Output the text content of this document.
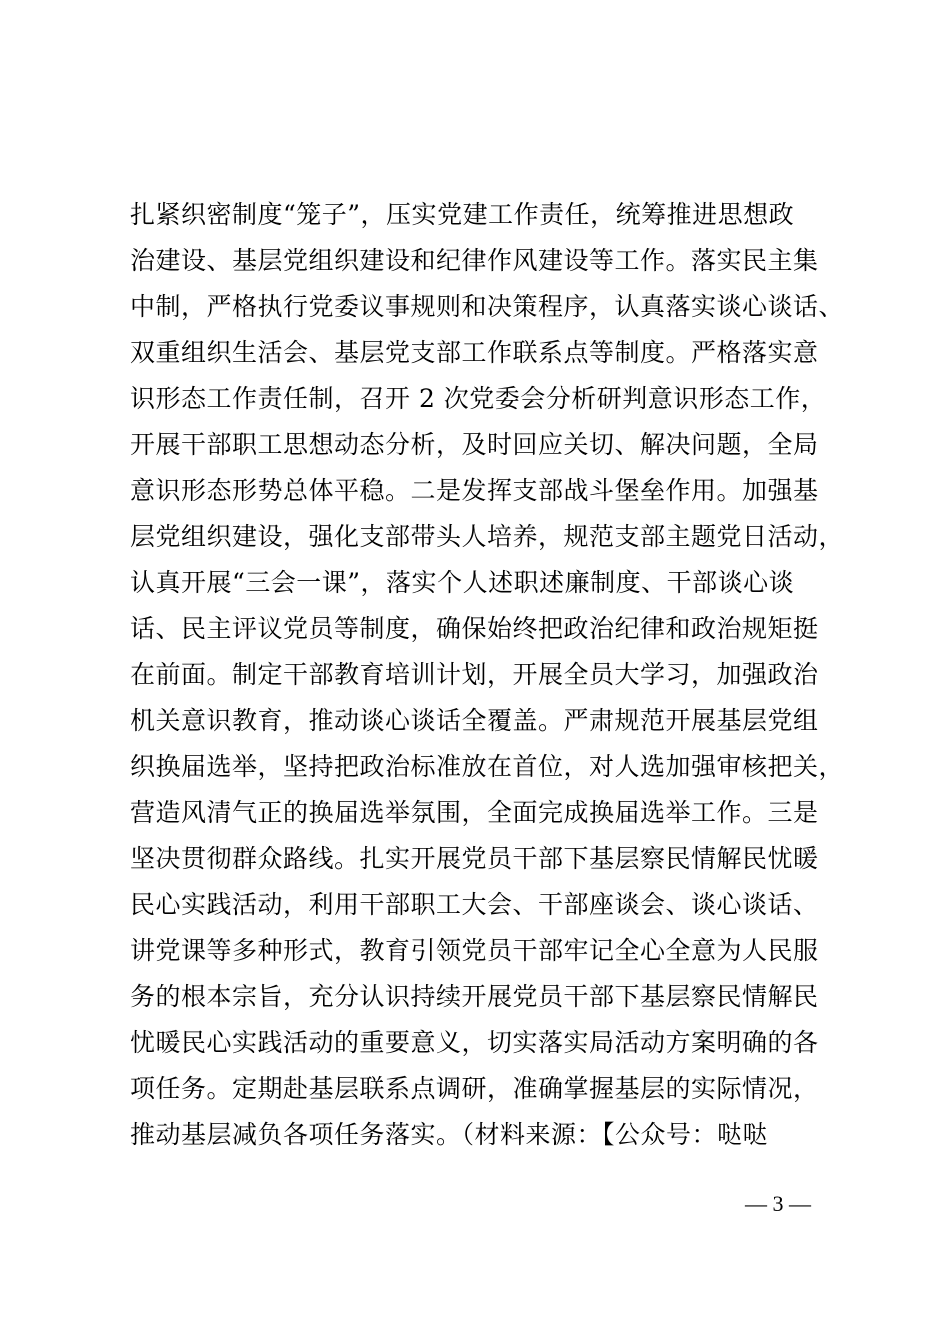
扎紧织密制度“笼子”，压实党建工作责任，统筹推进思想政
治建设、基层党组织建设和纪律作风建设等工作。落实民主集
中制，严格执行党委议事规则和决策程序，认真落实谈心谈话、
双重组织生活会、基层党支部工作联系点等制度。严格落实意
识形态工作责任制，召开 2 次党委会分析研判意识形态工作，
开展干部职工思想动态分析，及时回应关切、解决问题，全局
意识形态形势总体平稳。二是发挥支部战斗堡垒作用。加强基
层党组织建设，强化支部带头人培养，规范支部主题党日活动，
认真开展“三会一课”，落实个人述职述廉制度、干部谈心谈
话、民主评议党员等制度，确保始终把政治纪律和政治规矩挺
在前面。制定干部教育培训计划，开展全员大学习，加强政治
机关意识教育，推动谈心谈话全覆盖。严肃规范开展基层党组
织换届选举，坚持把政治标准放在首位，对人选加强审核把关，
营造风清气正的换届选举氛围，全面完成换届选举工作。三是
坚决贯彻群众路线。扎实开展党员干部下基层察民情解民忧暖
民心实践活动，利用干部职工大会、干部座谈会、谈心谈话、
讲党课等多种形式，教育引领党员干部牢记全心全意为人民服
务的根本宗旨，充分认识持续开展党员干部下基层察民情解民
忧暖民心实践活动的重要意义，切实落实局活动方案明确的各
项任务。定期赴基层联系点调研，准确掌握基层的实际情况，
推动基层减负各项任务落实。（材料来源：【公众号：哒哒
— 3 —
